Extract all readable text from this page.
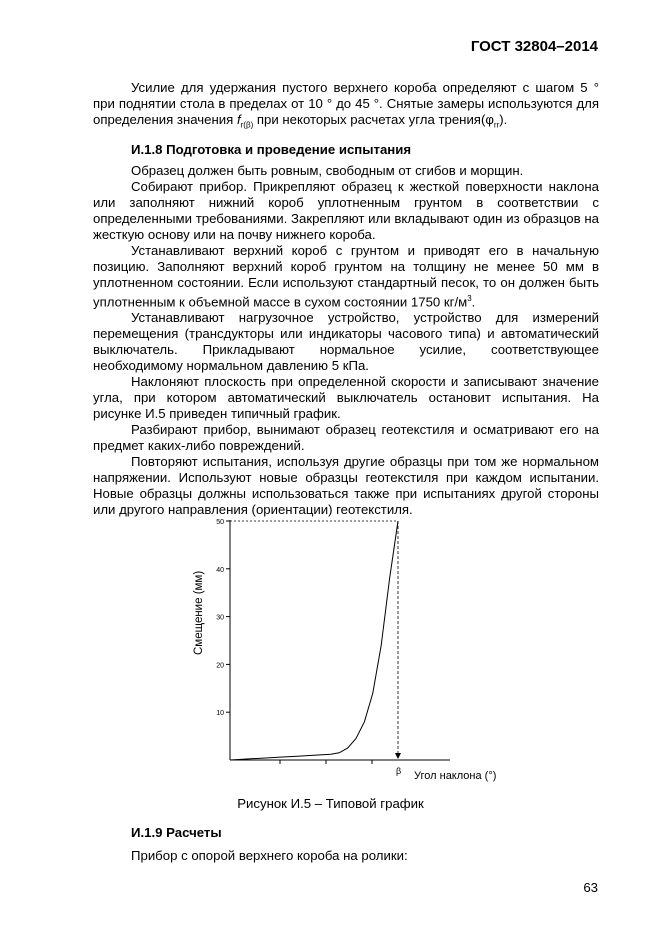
ГОСТ 32804–2014

Усилие для удержания пустого верхнего короба определяют с шагом 5 ° при поднятии стола в пределах от 10 ° до 45 °. Снятые замеры используются для определения значения $f_{r(\beta)}$ при некоторых расчетах угла $трения(\varphi_{rr})$.

И.1.8 Подготовка и проведение испытания

Образец должен быть ровным, свободным от сгибов и морщин.

Собирают прибор. Прикрепляют образец к жесткой поверхности наклона или заполняют нижний короб уплотненным грунтом в соответствии с определенными требованиями. Закрепляют или вкладывают один из образцов на жесткую основу или на почву нижнего короба.

Устанавливают верхний короб с грунтом и приводят его в начальную позицию. Заполняют верхний короб грунтом на толщину не менее 50 мм в уплотненном состоянии. Если используют стандартный песок, то он должен быть уплотненным к объемной массе в сухом состоянии 1750 $кг/м^3$.

Устанавливают нагрузочное устройство, устройство для измерений перемещения (трансдукторы или индикаторы часового типа) и автоматический выключатель. Прикладывают нормальное усилие, соответствующее необходимому нормальном давлению 5 кПа.

Наклоняют плоскость при определенной скорости и записывают значение угла, при котором автоматический выключатель остановит испытания. На рисунке И.5 приведен типичный график.

Разбирают прибор, вынимают образец геотекстиля и осматривают его на предмет каких-либо повреждений.

Повторяют испытания, используя другие образцы при том же нормальном напряжении. Используют новые образцы геотекстиля при каждом испытании. Новые образцы должны использоваться также при испытаниях другой стороны или другого направления (ориентации) геотекстиля.

10
20
30
40
50
β Угол наклона (°)
Смещение (мм)
Рисунок И.5 – Типовой график
И.1.9 Расчеты
Прибор с опорой верхнего короба на ролики:
63
